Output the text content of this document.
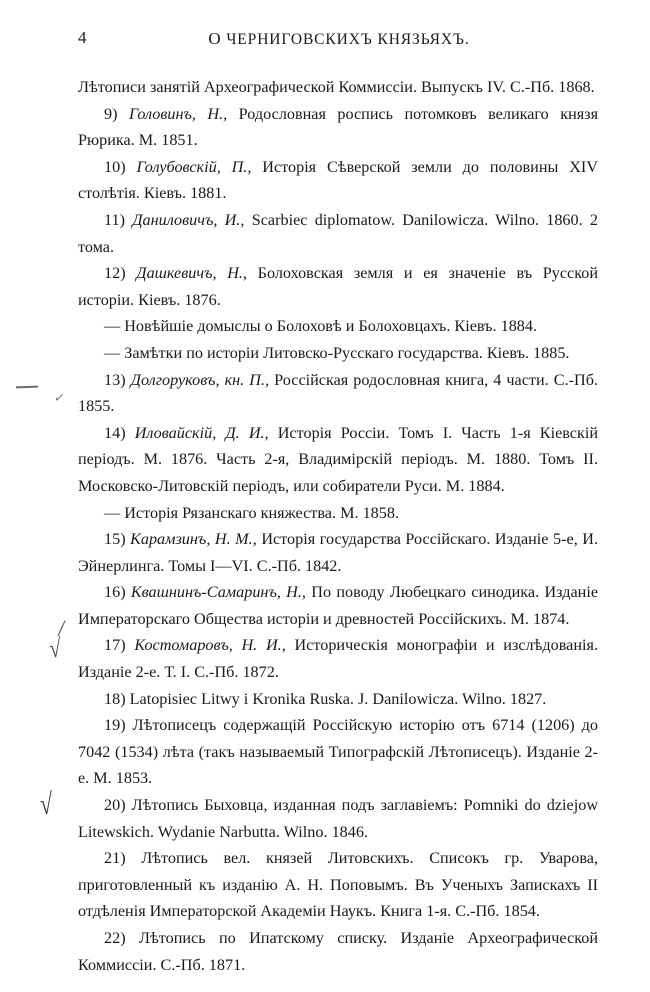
4	О ЧЕРНИГОВСКИХЪ КНЯЗЬЯХЪ.

Лѣтописи занятій Археографической Коммиссіи. Выпускъ IV. С.-Пб. 1868.

9) Головинъ, Н., Родословная роспись потомковъ великаго князя Рюрика. М. 1851.

10) Голубовскій, П., Исторія Сѣверской земли до половины XIV столѣтія. Кіевъ. 1881.

11) Даниловичъ, И., Scarbiec diplomatow. Danilowicza. Wilno. 1860. 2 тома.

12) Дашкевичъ, Н., Болоховская земля и ея значеніе въ Русской исторіи. Кіевъ. 1876.

— Новѣйшіе домыслы о Болоховѣ и Болоховцахъ. Кіевъ. 1884.

— Замѣтки по исторіи Литовско-Русскаго государства. Кіевъ. 1885.

13) Долгоруковъ, кн. П., Россійская родословная книга, 4 части. С.-Пб. 1855.

14) Иловайскій, Д. И., Исторія Россіи. Томъ I. Часть 1-я Кіевскій періодъ. М. 1876. Часть 2-я, Владимірскій періодъ. М. 1880. Томъ II. Московско-Литовскій періодъ, или собиратели Руси. М. 1884.

— Исторія Рязанскаго княжества. М. 1858.

15) Карамзинъ, Н. М., Исторія государства Россійскаго. Изданіе 5-е, И. Эйнерлинга. Томы I—VI. С.-Пб. 1842.

16) Квашнинъ-Самаринъ, Н., По поводу Любецкаго синодика. Изданіе Императорскаго Общества исторіи и древностей Россійскихъ. М. 1874.

17) Костомаровъ, Н. И., Историческія монографіи и изслѣдованія. Изданіе 2-е. Т. I. С.-Пб. 1872.

18) Latopisiec Litwy i Kronika Ruska. J. Danilowicza. Wilno. 1827.

19) Лѣтописецъ содержащій Россійскую исторію отъ 6714 (1206) до 7042 (1534) лѣта (такъ называемый Типографскій Лѣтописецъ). Изданіе 2-е. М. 1853.

20) Лѣтопись Быховца, изданная подъ заглавіемъ: Pomniki do dziejow Litewskich. Wydanie Narbutta. Wilno. 1846.

21) Лѣтопись вел. князей Литовскихъ. Списокъ гр. Уварова, приготовленный къ изданію А. Н. Поповымъ. Въ Ученыхъ Запискахъ II отдѣленія Императорской Академіи Наукъ. Книга 1-я. С.-Пб. 1854.

22) Лѣтопись по Ипатскому списку. Изданіе Археографической Коммиссіи. С.-Пб. 1871.

✓
/
√
√
